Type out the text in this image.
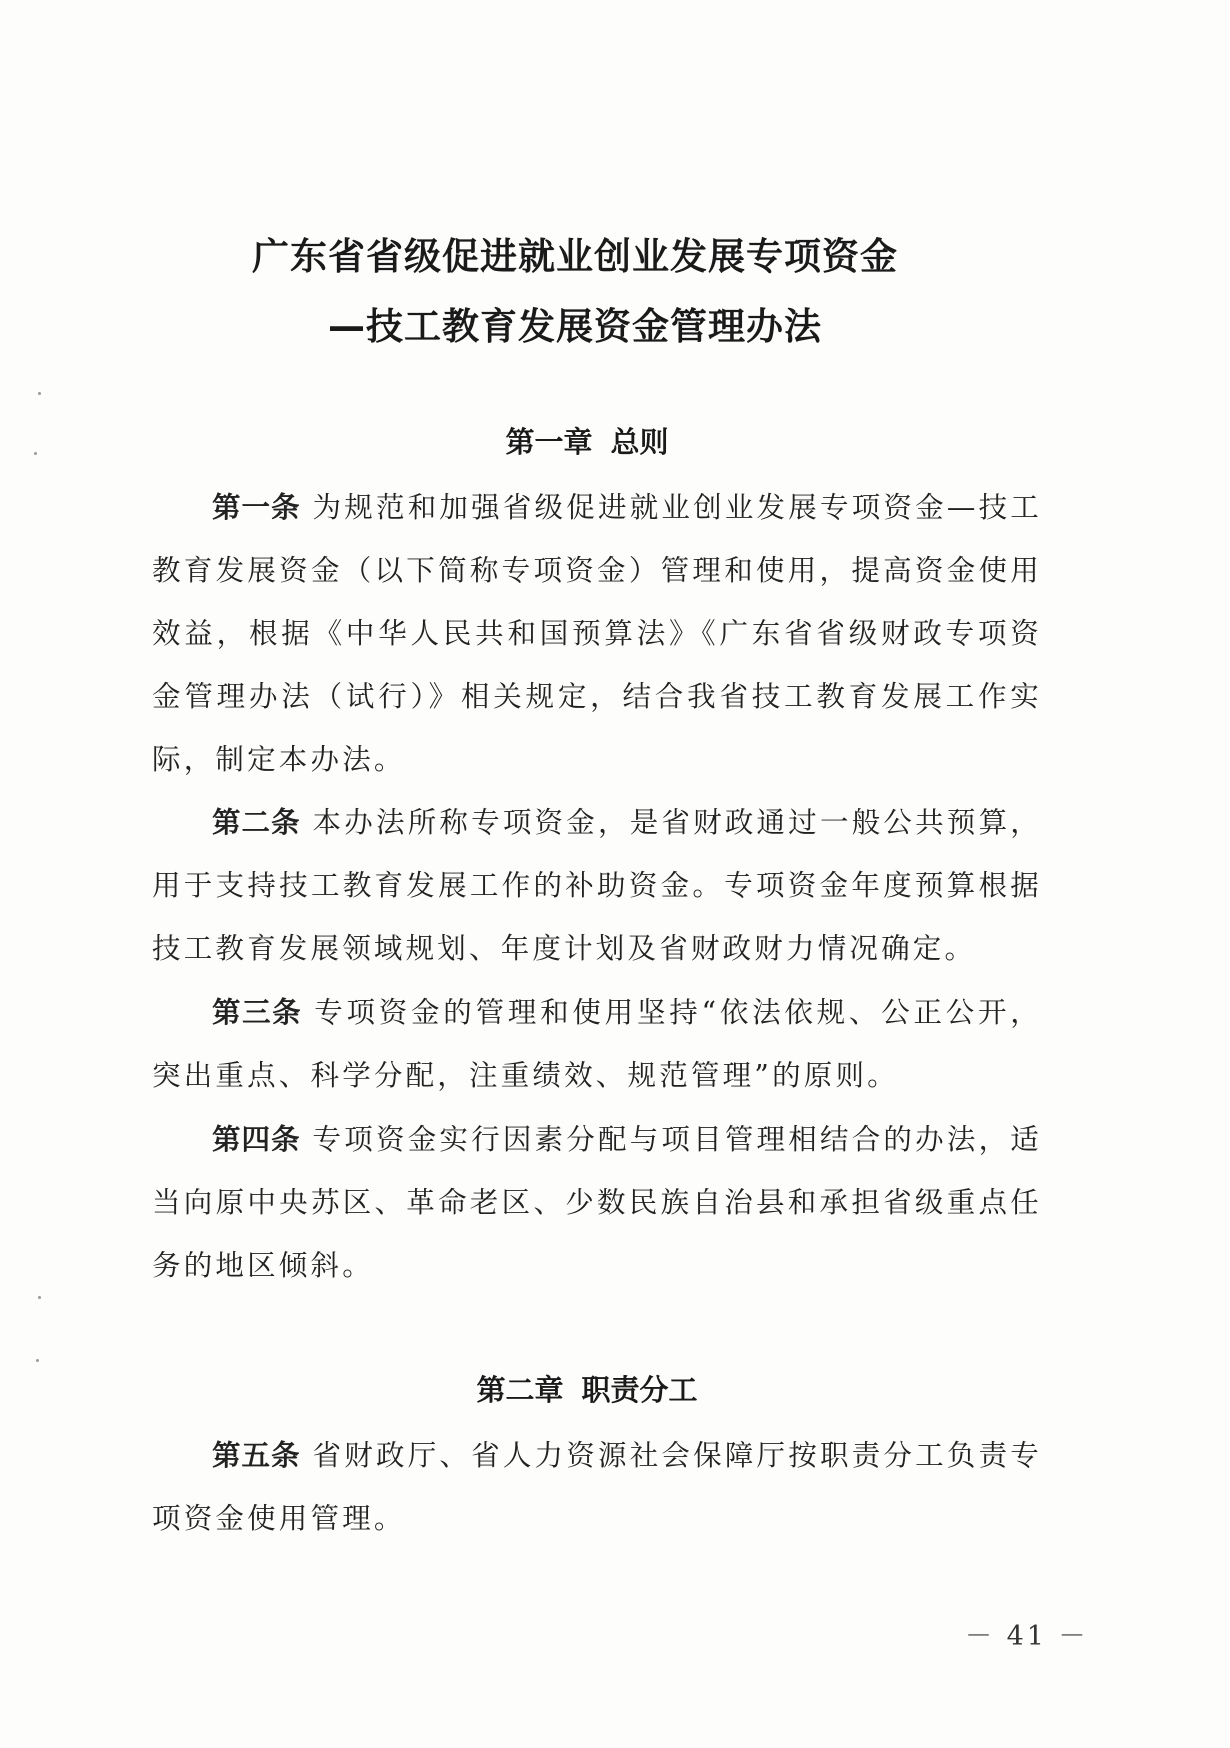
广东省省级促进就业创业发展专项资金
—技工教育发展资金管理办法
第一章 总则
第一条 为规范和加强省级促进就业创业发展专项资金—技工教育发展资金（以下简称专项资金）管理和使用，提高资金使用效益，根据《中华人民共和国预算法》《广东省省级财政专项资金管理办法（试行）》相关规定，结合我省技工教育发展工作实际，制定本办法。
第二条 本办法所称专项资金，是省财政通过一般公共预算，用于支持技工教育发展工作的补助资金。专项资金年度预算根据技工教育发展领域规划、年度计划及省财政财力情况确定。
第三条 专项资金的管理和使用坚持“依法依规、公正公开，突出重点、科学分配，注重绩效、规范管理”的原则。
第四条 专项资金实行因素分配与项目管理相结合的办法，适当向原中央苏区、革命老区、少数民族自治县和承担省级重点任务的地区倾斜。
第二章 职责分工
第五条 省财政厅、省人力资源社会保障厅按职责分工负责专项资金使用管理。
－ 41 －
